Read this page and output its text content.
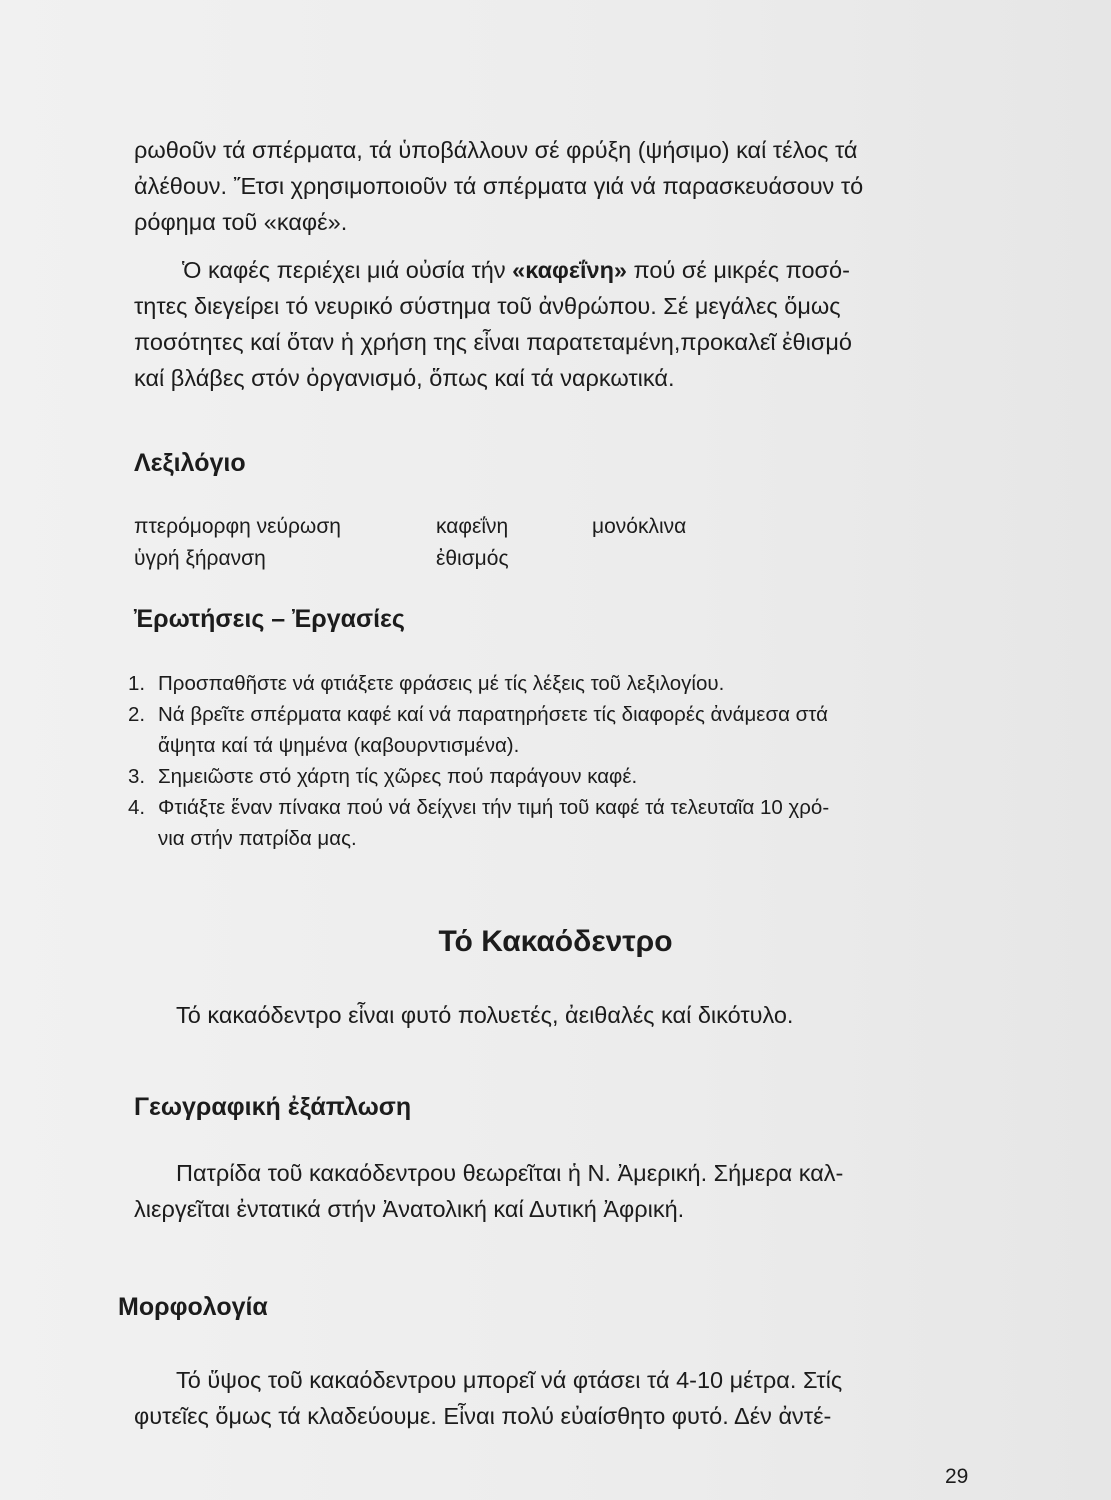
ρωθοῦν τά σπέρματα, τά ὑποβάλλουν σέ φρύξη (ψήσιμο) καί τέλος τά
ἀλέθουν. Ἔτσι χρησιμοποιοῦν τά σπέρματα γιά νά παρασκευάσουν τό
ρόφημα τοῦ «καφέ».

Ὁ καφές περιέχει μιά οὐσία τήν «καφεΐνη» πού σέ μικρές ποσό-
τητες διεγείρει τό νευρικό σύστημα τοῦ ἀνθρώπου. Σέ μεγάλες ὅμως
ποσότητες καί ὅταν ἡ χρήση της εἶναι παρατεταμένη,προκαλεῖ ἐθισμό
καί βλάβες στόν ὀργανισμό, ὅπως καί τά ναρκωτικά.

Λεξιλόγιο
πτερόμορφη νεύρωση
ὑγρή ξήρανση
καφεΐνη
ἐθισμός
μονόκλινα
Ἐρωτήσεις – Ἐργασίες
1. Προσπαθῆστε νά φτιάξετε φράσεις μέ τίς λέξεις τοῦ λεξιλογίου.
2. Νά βρεῖτε σπέρματα καφέ καί νά παρατηρήσετε τίς διαφορές ἀνάμεσα στά
ἄψητα καί τά ψημένα (καβουρντισμένα).
3. Σημειῶστε στό χάρτη τίς χῶρες πού παράγουν καφέ.
4. Φτιάξτε ἕναν πίνακα πού νά δείχνει τήν τιμή τοῦ καφέ τά τελευταῖα 10 χρό-
νια στήν πατρίδα μας.
Τό Κακαόδεντρο

Τό κακαόδεντρο εἶναι φυτό πολυετές, ἀειθαλές καί δικότυλο.

Γεωγραφική ἐξάπλωση

Πατρίδα τοῦ κακαόδεντρου θεωρεῖται ἡ Ν. Ἀμερική. Σήμερα καλ-
λιεργεῖται ἐντατικά στήν Ἀνατολική καί Δυτική Ἀφρική.

Μορφολογία

Τό ὕψος τοῦ κακαόδεντρου μπορεῖ νά φτάσει τά 4-10 μέτρα. Στίς
φυτεῖες ὅμως τά κλαδεύουμε. Εἶναι πολύ εὐαίσθητο φυτό. Δέν ἀντέ-

29
